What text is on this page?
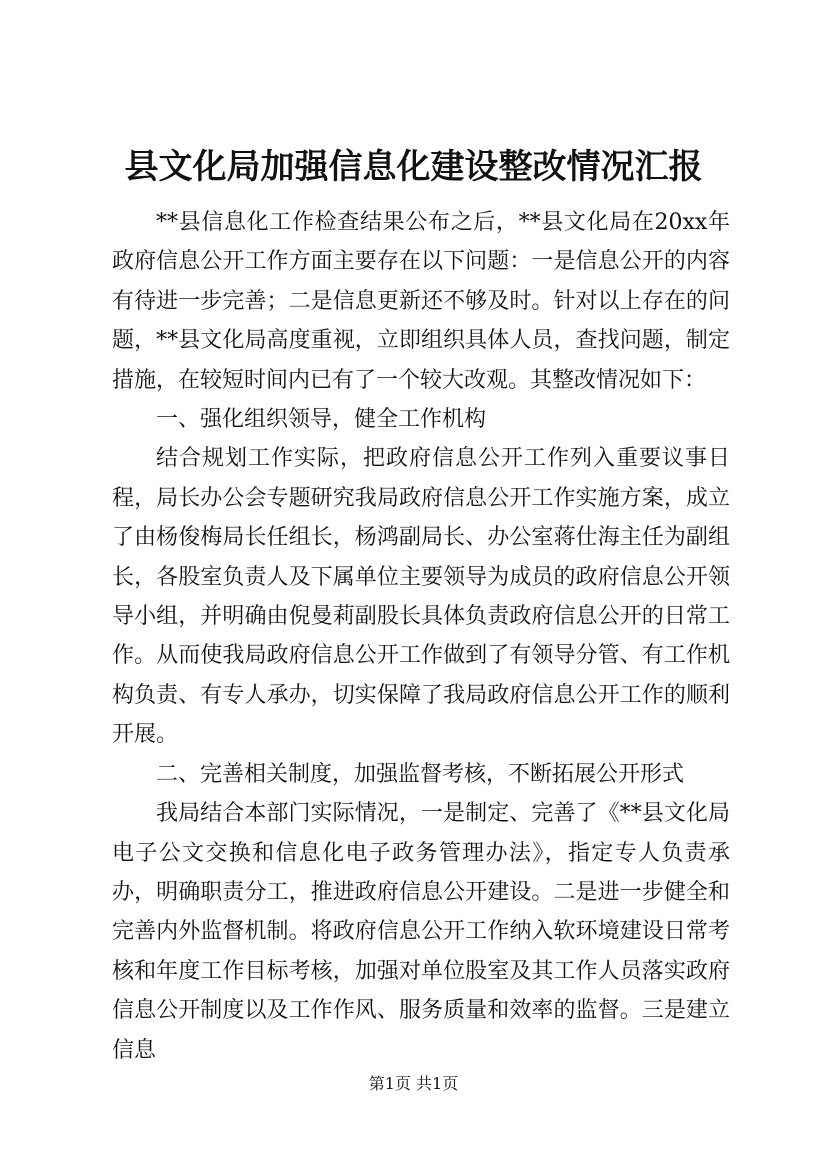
县文化局加强信息化建设整改情况汇报

**县信息化工作检查结果公布之后，**县文化局在20xx年政府信息公开工作方面主要存在以下问题：一是信息公开的内容有待进一步完善；二是信息更新还不够及时。针对以上存在的问题，**县文化局高度重视，立即组织具体人员，查找问题，制定措施，在较短时间内已有了一个较大改观。其整改情况如下：

一、强化组织领导，健全工作机构

结合规划工作实际，把政府信息公开工作列入重要议事日程，局长办公会专题研究我局政府信息公开工作实施方案，成立了由杨俊梅局长任组长，杨鸿副局长、办公室蒋仕海主任为副组长，各股室负责人及下属单位主要领导为成员的政府信息公开领导小组，并明确由倪曼莉副股长具体负责政府信息公开的日常工作。从而使我局政府信息公开工作做到了有领导分管、有工作机构负责、有专人承办，切实保障了我局政府信息公开工作的顺利开展。

二、完善相关制度，加强监督考核，不断拓展公开形式

我局结合本部门实际情况，一是制定、完善了《**县文化局电子公文交换和信息化电子政务管理办法》，指定专人负责承办，明确职责分工，推进政府信息公开建设。二是进一步健全和完善内外监督机制。将政府信息公开工作纳入软环境建设日常考核和年度工作目标考核，加强对单位股室及其工作人员落实政府信息公开制度以及工作作风、服务质量和效率的监督。三是建立信息

第1页 共1页
